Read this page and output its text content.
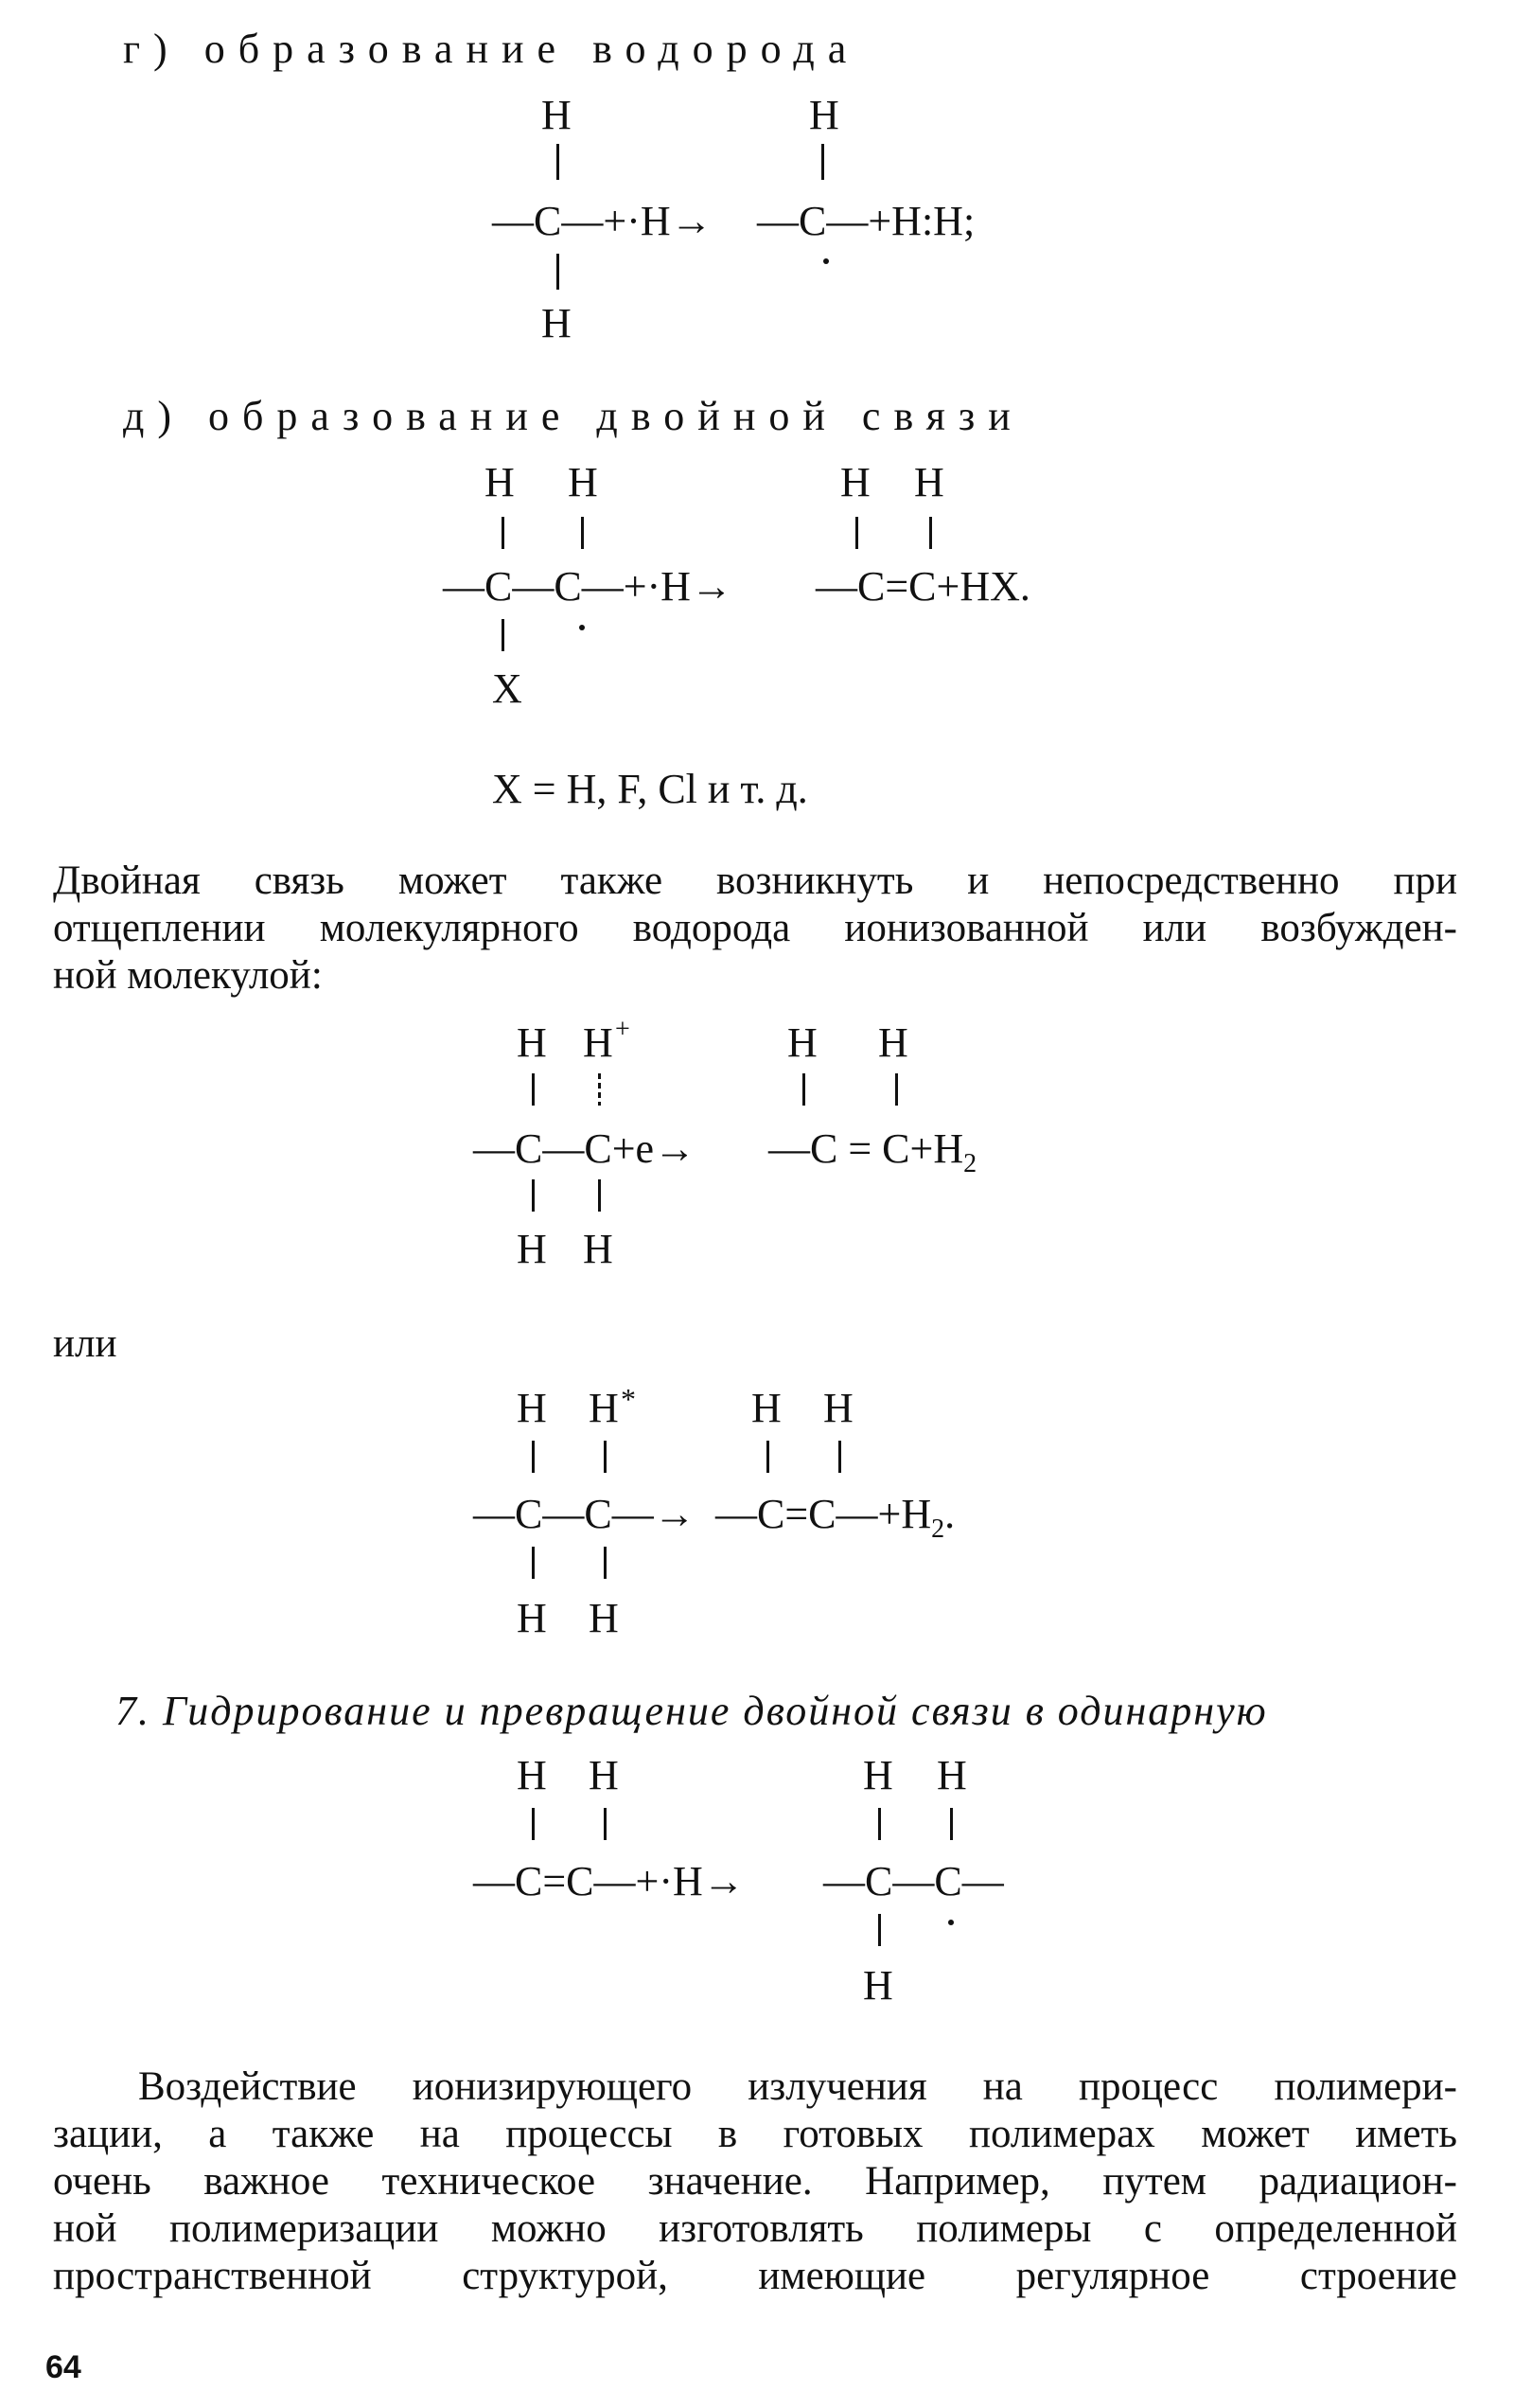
г) образование водорода
H
—C—+·H→
H
H
—C—+H:H;
д) образование двойной связи
H H
—C—C—+·H→
X
H H
—C=C+HX.
X = H, F, Cl и т. д.
Двойная связь может также возникнуть и непосредственно при
отщеплении молекулярного водорода ионизованной или возбужден-
ной молекулой:
H H +
—C—C+e→
H H
H H
—C = $C+H_2$
или
H H *
—C—C—→
H H
H H
$—C=C—+H_2$.
7. Гидрирование и превращение двойной связи в одинарную
H H
—C=C—+·H→
H H
—C—C—
H
Воздействие ионизирующего излучения на процесс полимери-
зации, а также на процессы в готовых полимерах может иметь
очень важное техническое значение. Например, путем радиацион-
ной полимеризации можно изготовлять полимеры с определенной
пространственной структурой, имеющие регулярное строение
64
